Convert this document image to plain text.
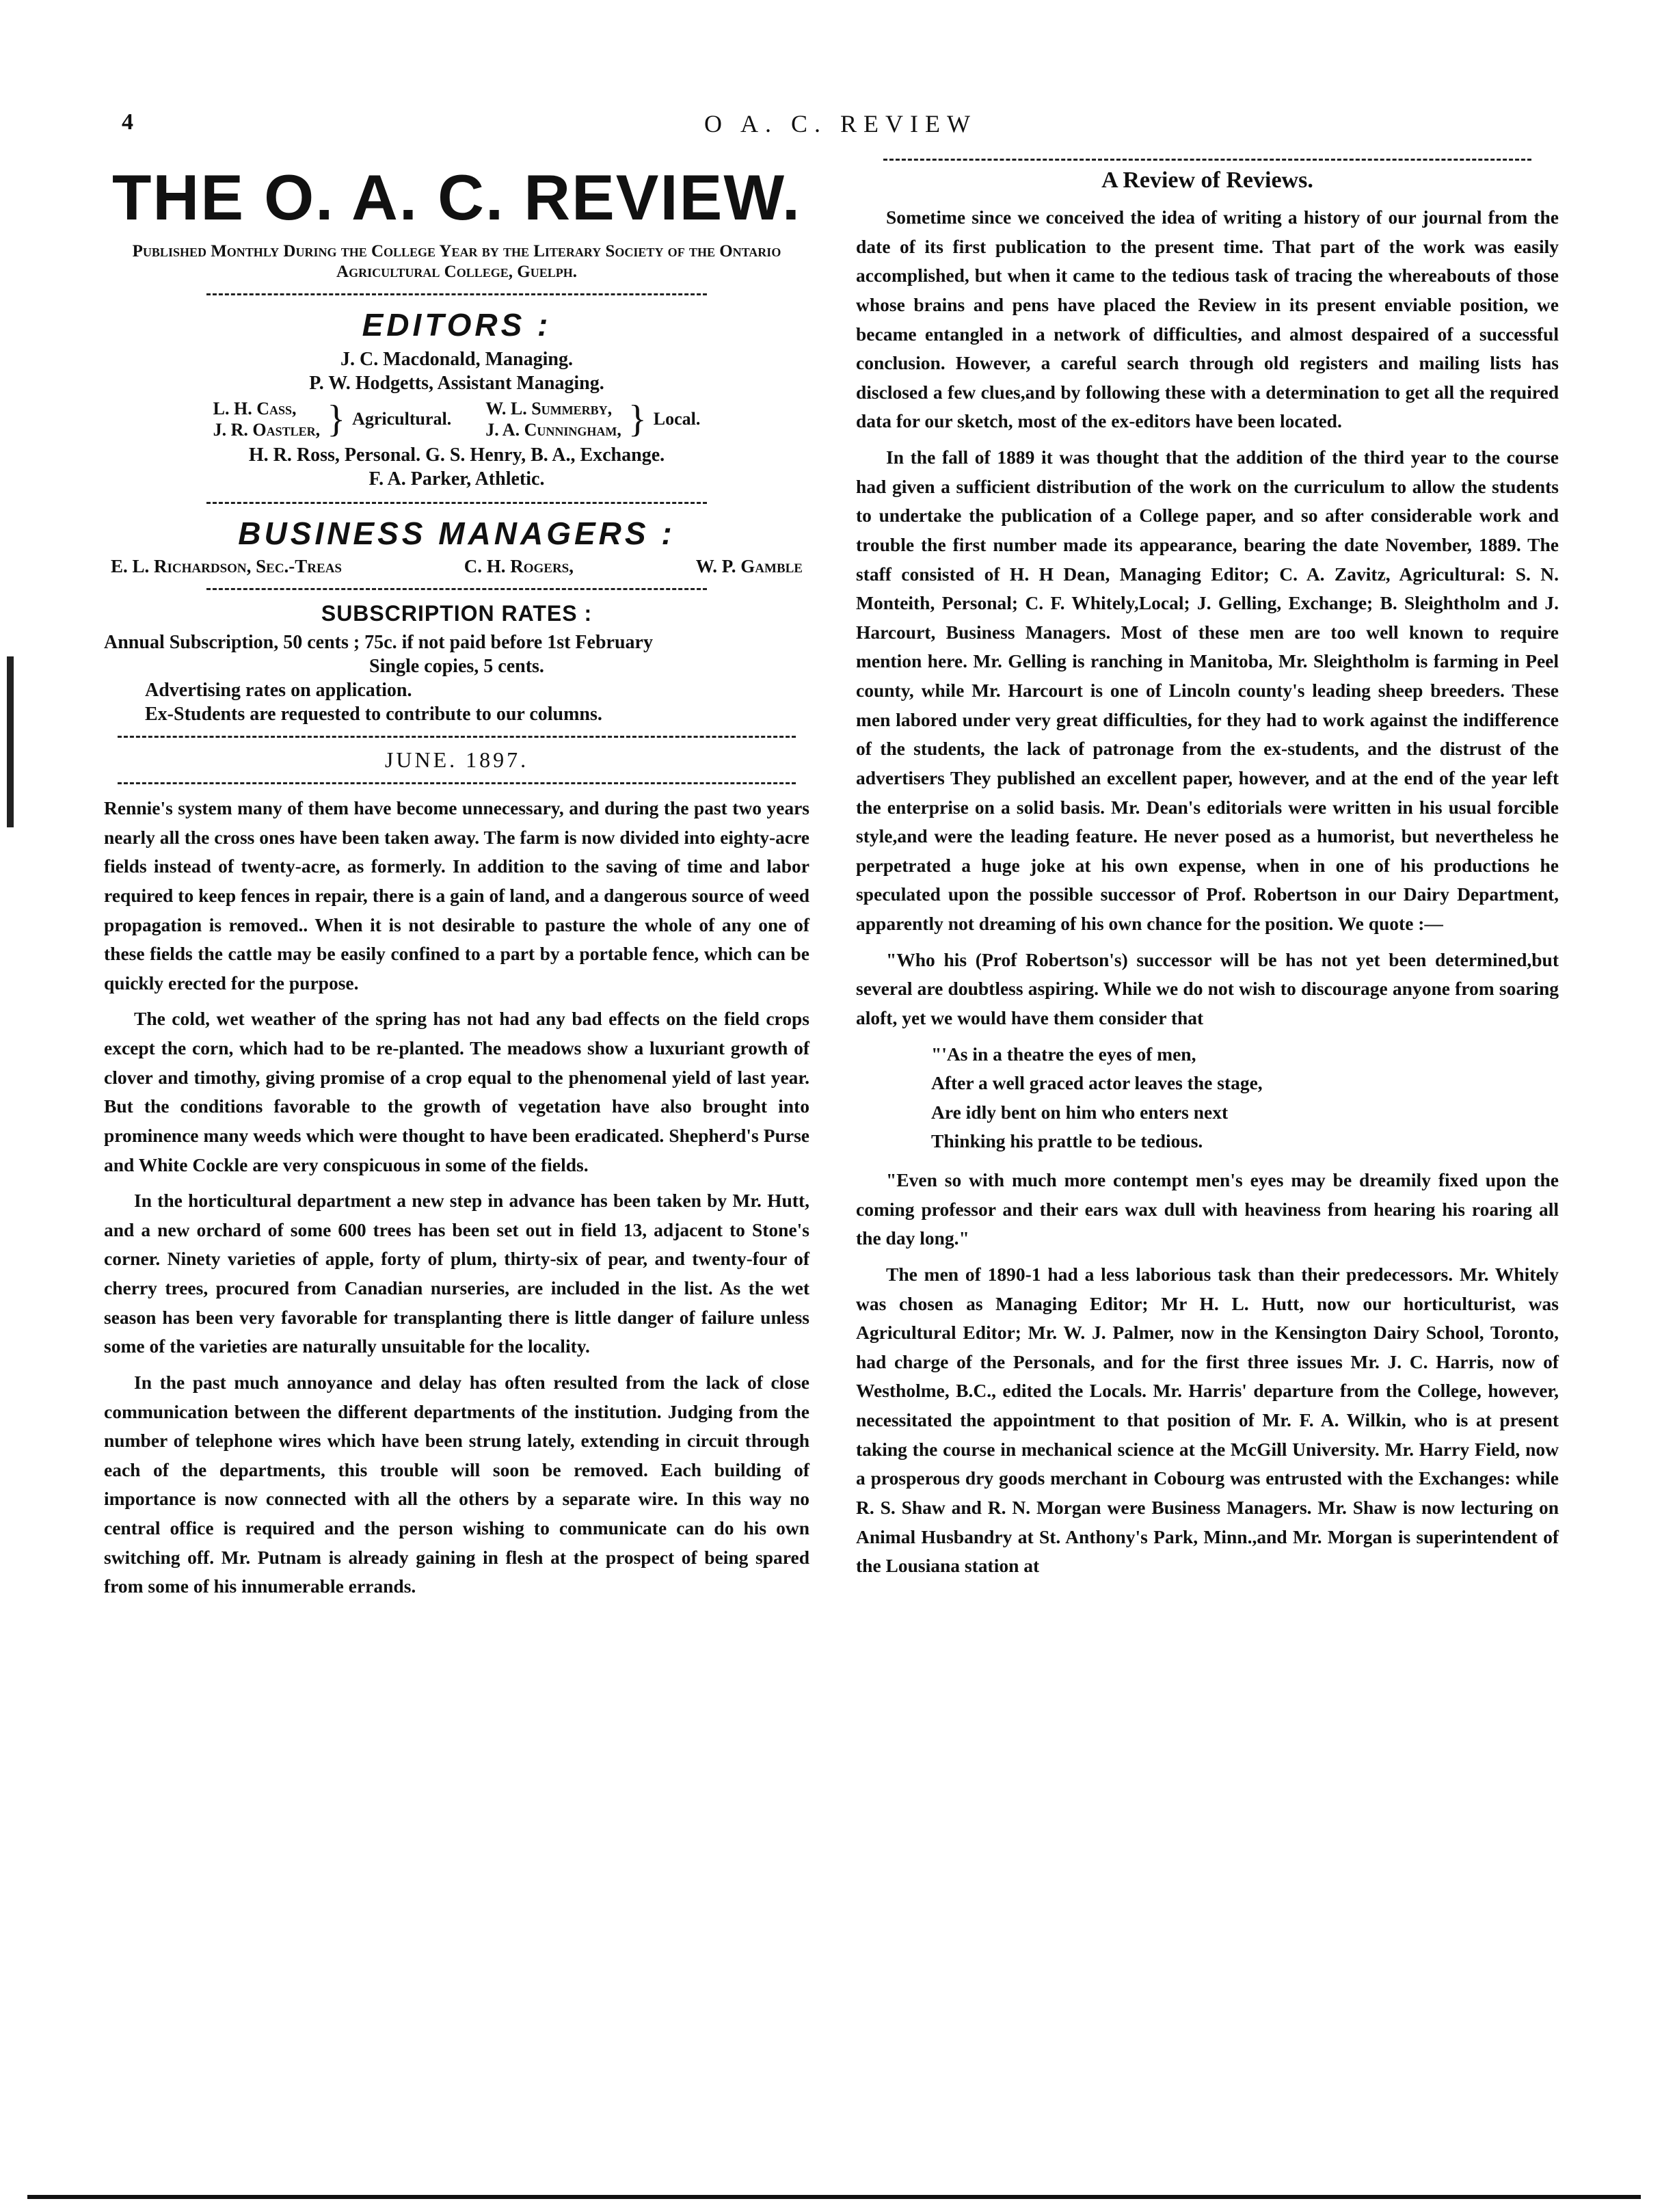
4	O A. C. REVIEW
THE O. A. C. REVIEW.
Published Monthly During the College Year by the Literary Society of the Ontario Agricultural College, Guelph.
EDITORS :
J. C. Macdonald, Managing.
P. W. Hodgetts, Assistant Managing.
L. H. Cass,
J. R. Oastler, } Agricultural.
W. L. Summerby,
J. A. Cunningham, } Local.
H. R. Ross, Personal. G. S. Henry, B. A., Exchange.
F. A. Parker, Athletic.
BUSINESS MANAGERS :
E. L. Richardson, Sec.-Treas	C. H. Rogers,	W. P. Gamble
SUBSCRIPTION RATES :
Annual Subscription, 50 cents ; 75c. if not paid before 1st February
Single copies, 5 cents.
Advertising rates on application.
Ex-Students are requested to contribute to our columns.
JUNE. 1897.

Rennie's system many of them have become unnecessary, and during the past two years nearly all the cross ones have been taken away. The farm is now divided into eighty-acre fields instead of twenty-acre, as formerly. In addition to the saving of time and labor required to keep fences in repair, there is a gain of land, and a dangerous source of weed propagation is removed.. When it is not desirable to pasture the whole of any one of these fields the cattle may be easily confined to a part by a portable fence, which can be quickly erected for the purpose.

The cold, wet weather of the spring has not had any bad effects on the field crops except the corn, which had to be re-planted. The meadows show a luxuriant growth of clover and timothy, giving promise of a crop equal to the phenomenal yield of last year. But the conditions favorable to the growth of vegetation have also brought into prominence many weeds which were thought to have been eradicated. Shepherd's Purse and White Cockle are very conspicuous in some of the fields.

In the horticultural department a new step in advance has been taken by Mr. Hutt, and a new orchard of some 600 trees has been set out in field 13, adjacent to Stone's corner. Ninety varieties of apple, forty of plum, thirty-six of pear, and twenty-four of cherry trees, procured from Canadian nurseries, are included in the list. As the wet season has been very favorable for transplanting there is little danger of failure unless some of the varieties are naturally unsuitable for the locality.

In the past much annoyance and delay has often resulted from the lack of close communication between the different departments of the institution. Judging from the number of telephone wires which have been strung lately, extending in circuit through each of the departments, this trouble will soon be removed. Each building of importance is now connected with all the others by a separate wire. In this way no central office is required and the person wishing to communicate can do his own switching off. Mr. Putnam is already gaining in flesh at the prospect of being spared from some of his innumerable errands.

A Review of Reviews.

Sometime since we conceived the idea of writing a history of our journal from the date of its first publication to the present time. That part of the work was easily accomplished, but when it came to the tedious task of tracing the whereabouts of those whose brains and pens have placed the Review in its present enviable position, we became entangled in a network of difficulties, and almost despaired of a successful conclusion. However, a careful search through old registers and mailing lists has disclosed a few clues,and by following these with a determination to get all the required data for our sketch, most of the ex-editors have been located.

In the fall of 1889 it was thought that the addition of the third year to the course had given a sufficient distribution of the work on the curriculum to allow the students to undertake the publication of a College paper, and so after considerable work and trouble the first number made its appearance, bearing the date November, 1889. The staff consisted of H. H Dean, Managing Editor; C. A. Zavitz, Agricultural: S. N. Monteith, Personal; C. F. Whitely,Local; J. Gelling, Exchange; B. Sleightholm and J. Harcourt, Business Managers. Most of these men are too well known to require mention here. Mr. Gelling is ranching in Manitoba, Mr. Sleightholm is farming in Peel county, while Mr. Harcourt is one of Lincoln county's leading sheep breeders. These men labored under very great difficulties, for they had to work against the indifference of the students, the lack of patronage from the ex-students, and the distrust of the advertisers They published an excellent paper, however, and at the end of the year left the enterprise on a solid basis. Mr. Dean's editorials were written in his usual forcible style,and were the leading feature. He never posed as a humorist, but nevertheless he perpetrated a huge joke at his own expense, when in one of his productions he speculated upon the possible successor of Prof. Robertson in our Dairy Department, apparently not dreaming of his own chance for the position. We quote :—

"Who his (Prof Robertson's) successor will be has not yet been determined,but several are doubtless aspiring. While we do not wish to discourage anyone from soaring aloft, yet we would have them consider that

"'As in a theatre the eyes of men,
After a well graced actor leaves the stage,
Are idly bent on him who enters next
Thinking his prattle to be tedious.

"Even so with much more contempt men's eyes may be dreamily fixed upon the coming professor and their ears wax dull with heaviness from hearing his roaring all the day long."

The men of 1890-1 had a less laborious task than their predecessors. Mr. Whitely was chosen as Managing Editor; Mr H. L. Hutt, now our horticulturist, was Agricultural Editor; Mr. W. J. Palmer, now in the Kensington Dairy School, Toronto, had charge of the Personals, and for the first three issues Mr. J. C. Harris, now of Westholme, B.C., edited the Locals. Mr. Harris' departure from the College, however, necessitated the appointment to that position of Mr. F. A. Wilkin, who is at present taking the course in mechanical science at the McGill University. Mr. Harry Field, now a prosperous dry goods merchant in Cobourg was entrusted with the Exchanges: while R. S. Shaw and R. N. Morgan were Business Managers. Mr. Shaw is now lecturing on Animal Husbandry at St. Anthony's Park, Minn.,and Mr. Morgan is superintendent of the Lousiana station at
